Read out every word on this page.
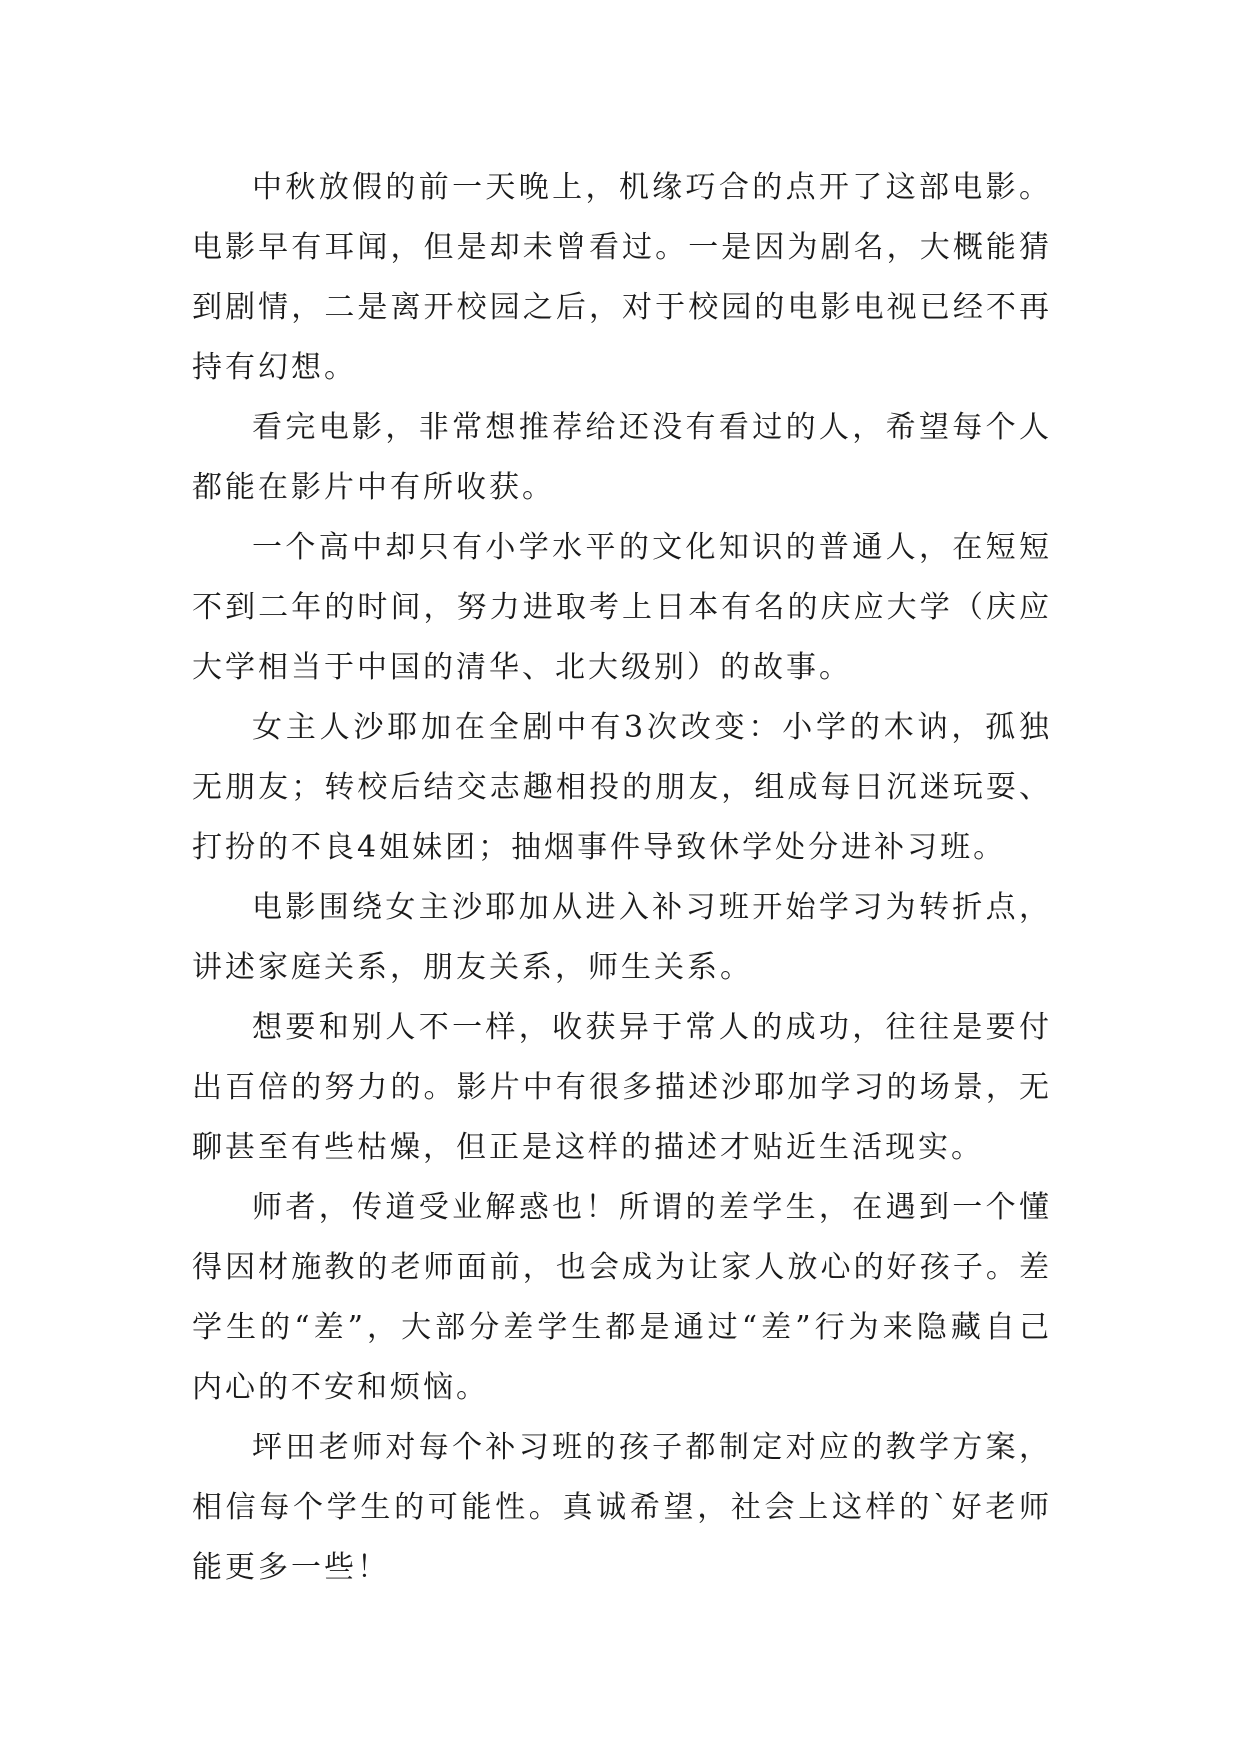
中秋放假的前一天晚上，机缘巧合的点开了这部电影。电影早有耳闻，但是却未曾看过。一是因为剧名，大概能猜到剧情，二是离开校园之后，对于校园的电影电视已经不再持有幻想。

看完电影，非常想推荐给还没有看过的人，希望每个人都能在影片中有所收获。

一个高中却只有小学水平的文化知识的普通人，在短短不到二年的时间，努力进取考上日本有名的庆应大学（庆应大学相当于中国的清华、北大级别）的故事。

女主人沙耶加在全剧中有3次改变：小学的木讷，孤独无朋友；转校后结交志趣相投的朋友，组成每日沉迷玩耍、打扮的不良4姐妹团；抽烟事件导致休学处分进补习班。

电影围绕女主沙耶加从进入补习班开始学习为转折点，讲述家庭关系，朋友关系，师生关系。

想要和别人不一样，收获异于常人的成功，往往是要付出百倍的努力的。影片中有很多描述沙耶加学习的场景，无聊甚至有些枯燥，但正是这样的描述才贴近生活现实。

师者，传道受业解惑也！所谓的差学生，在遇到一个懂得因材施教的老师面前，也会成为让家人放心的好孩子。差学生的“差”，大部分差学生都是通过“差”行为来隐藏自己内心的不安和烦恼。

坪田老师对每个补习班的孩子都制定对应的教学方案，相信每个学生的可能性。真诚希望，社会上这样的`好老师能更多一些！
